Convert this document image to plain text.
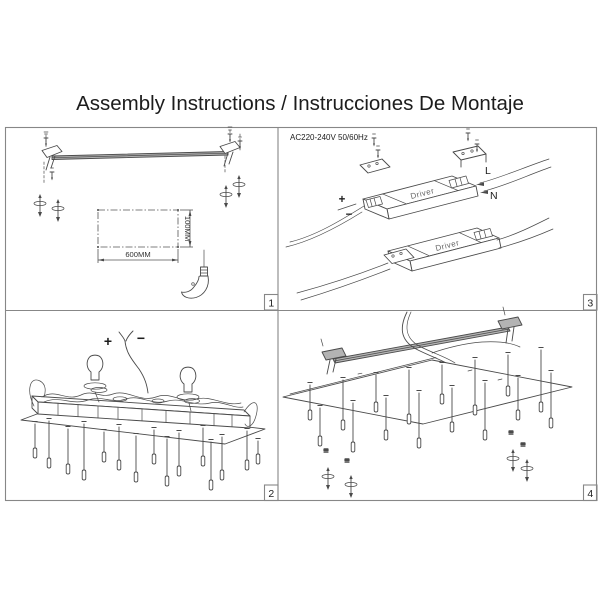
Assembly Instructions / Instrucciones De Montaje
600MM
100MM
1
AC220-240V 50/60Hz
Driver
+
−
L
N
Driver
3
+ −
2	4
